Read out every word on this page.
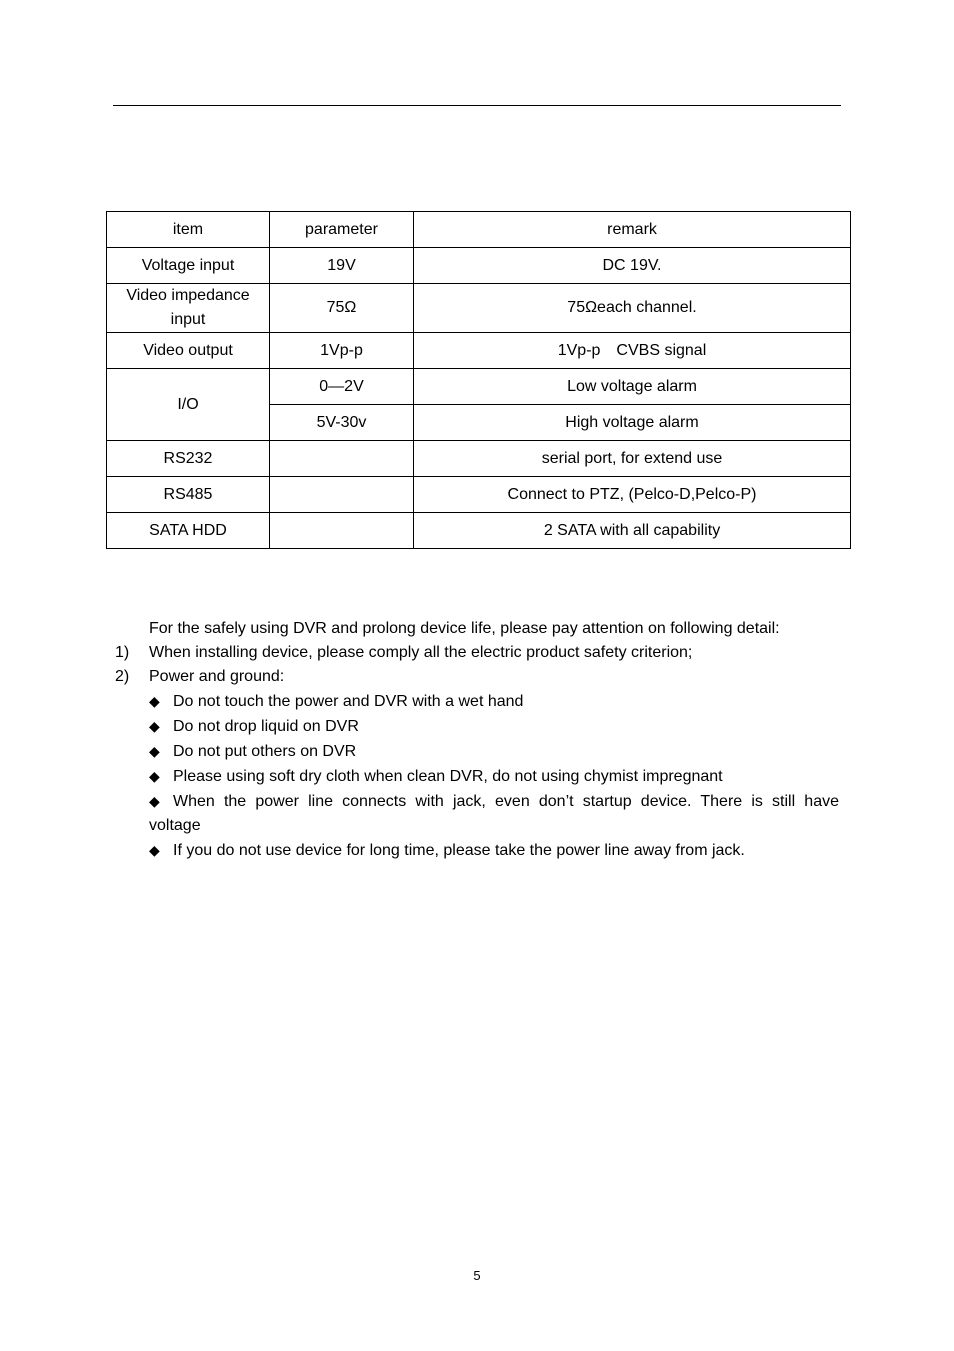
item	parameter	remark
Voltage input	19V	DC 19V.
Video impedance input	75Ω	75Ωeach channel.
Video output	1Vp-p	1Vp-p　CVBS signal
I/O	0—2V	Low voltage alarm
	5V-30v	High voltage alarm
RS232		serial port, for extend use
RS485		Connect to PTZ, (Pelco-D,Pelco-P)
SATA HDD		2 SATA with all capability
For the safely using DVR and prolong device life, please pay attention on following detail:
1) When installing device, please comply all the electric product safety criterion;
2) Power and ground:
◆ Do not touch the power and DVR with a wet hand
◆ Do not drop liquid on DVR
◆ Do not put others on DVR
◆ Please using soft dry cloth when clean DVR, do not using chymist impregnant
◆ When the power line connects with jack, even don’t startup device. There is still have
voltage
◆ If you do not use device for long time, please take the power line away from jack.
5
